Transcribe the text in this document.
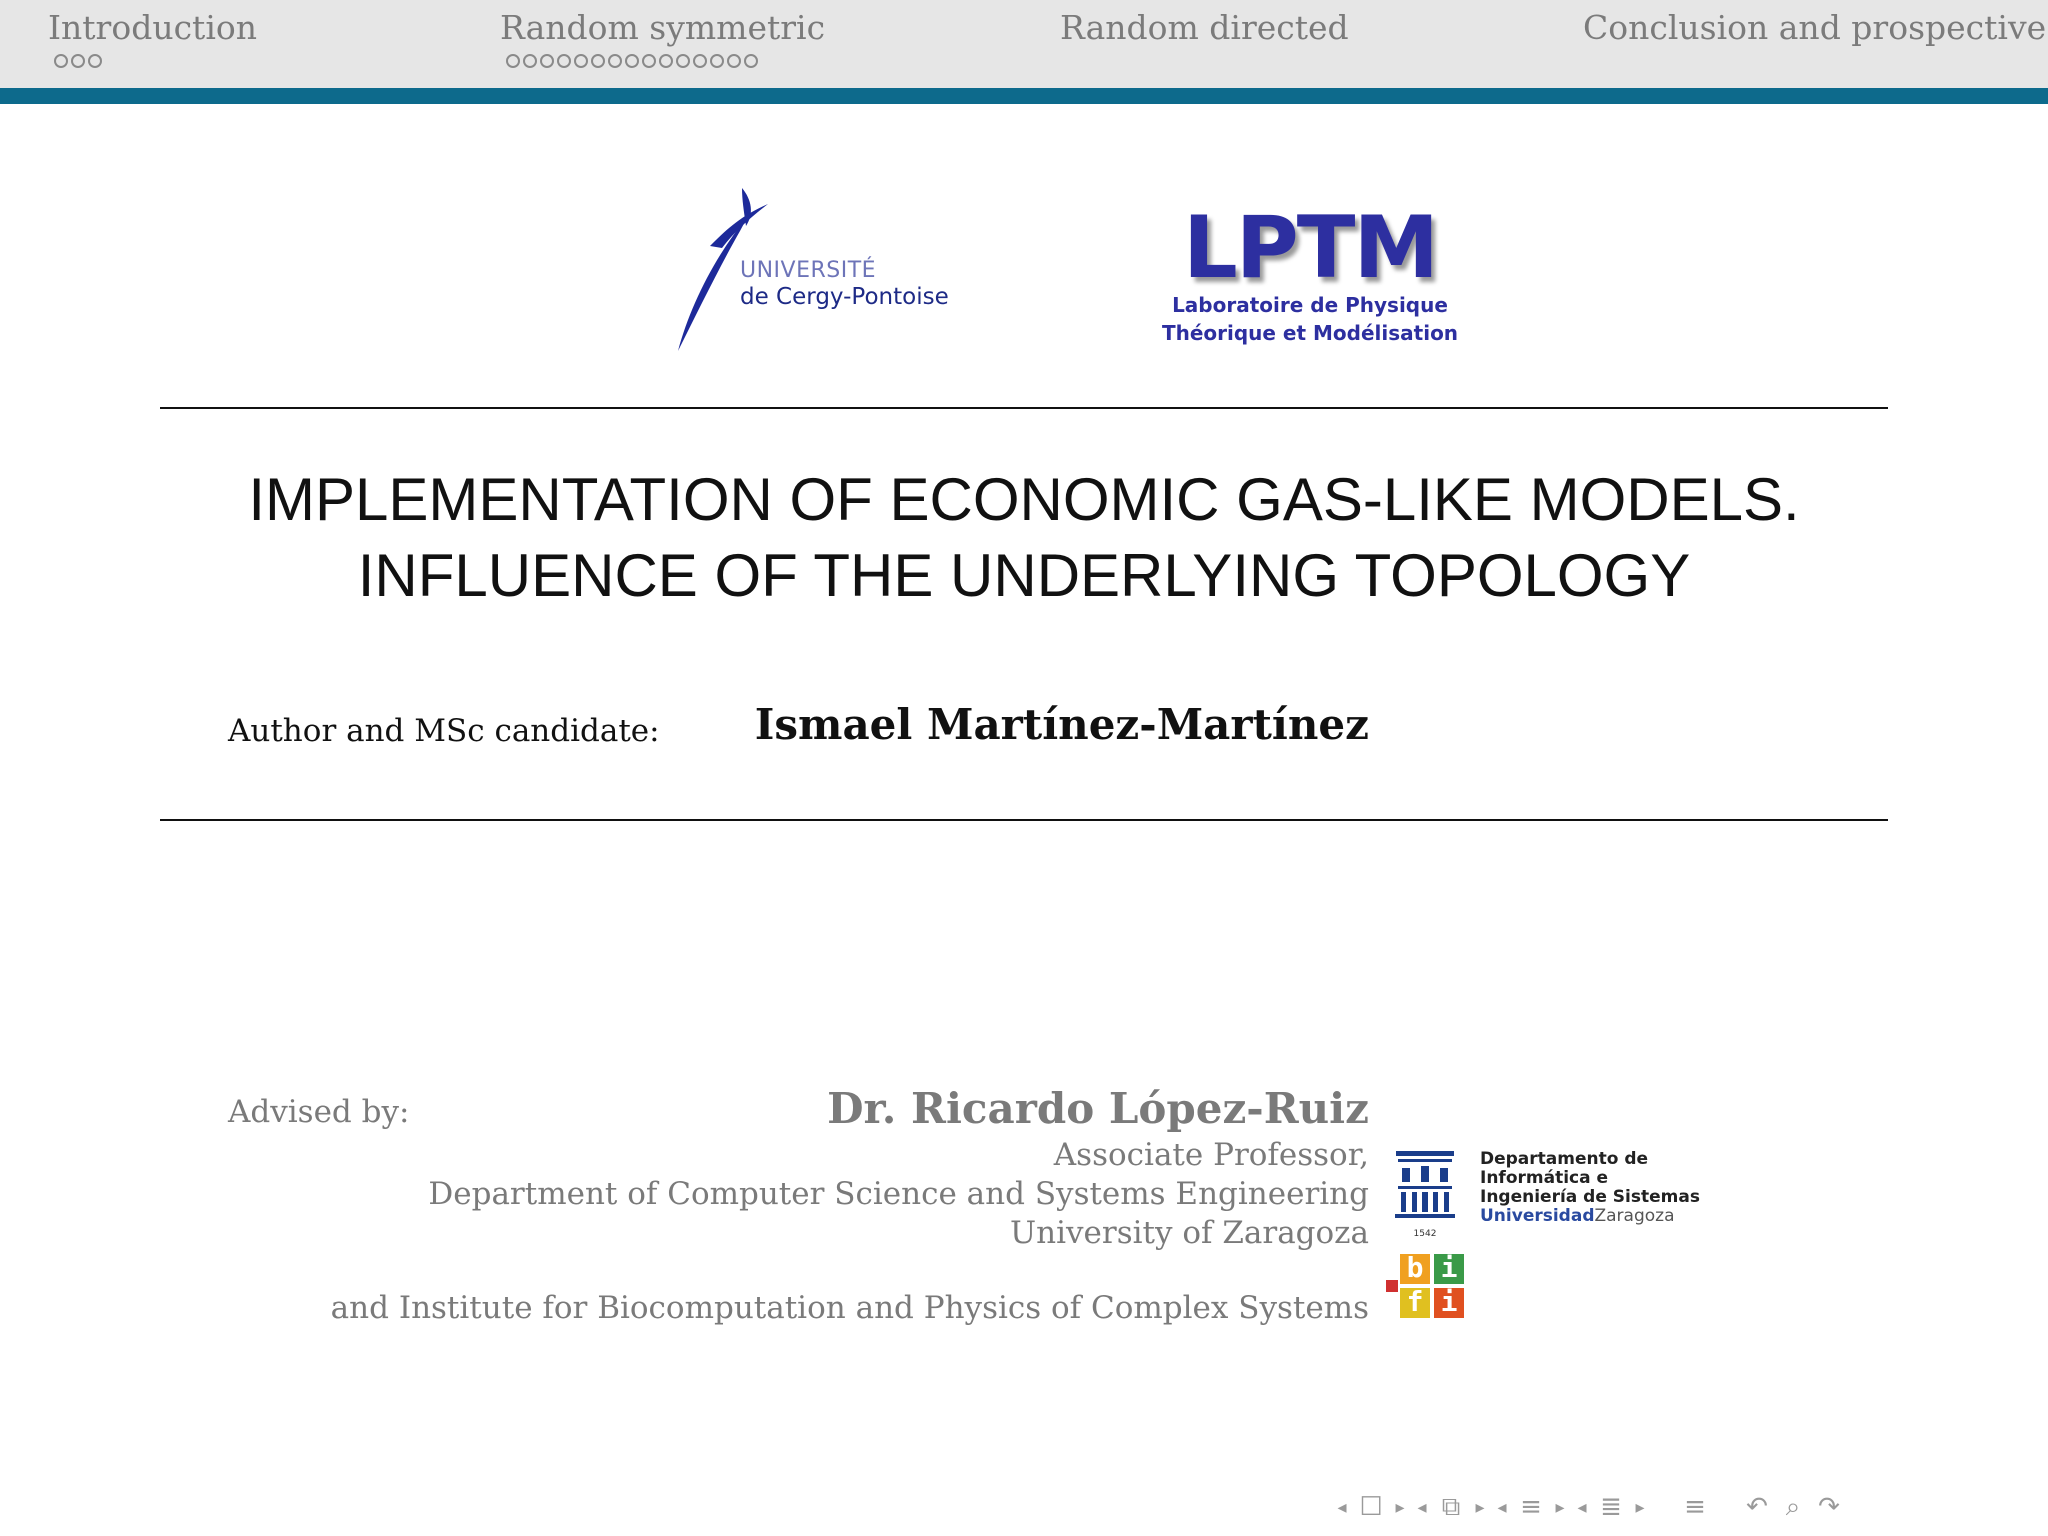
Introduction	Random symmetric	Random directed	Conclusion and prospective
UNIVERSITÉ
de Cergy-Pontoise	LPTM
Laboratoire de Physique
Théorique et Modélisation
IMPLEMENTATION OF ECONOMIC GAS-LIKE MODELS.
INFLUENCE OF THE UNDERLYING TOPOLOGY
Author and MSc candidate: Ismael Martínez-Martínez
Advised by:	Dr. Ricardo López-Ruiz
Associate Professor,
Department of Computer Science and Systems Engineering
University of Zaragoza
and Institute for Biocomputation and Physics of Complex Systems
1542
Departamento de
Informática e
Ingeniería de Sistemas
UniversidadZaragoza
b i
f i
◂ ☐ ▸ ◂ ⧉ ▸ ◂ ≡ ▸ ◂ ≣ ▸ ≡ ↶ ⌕ ↷
